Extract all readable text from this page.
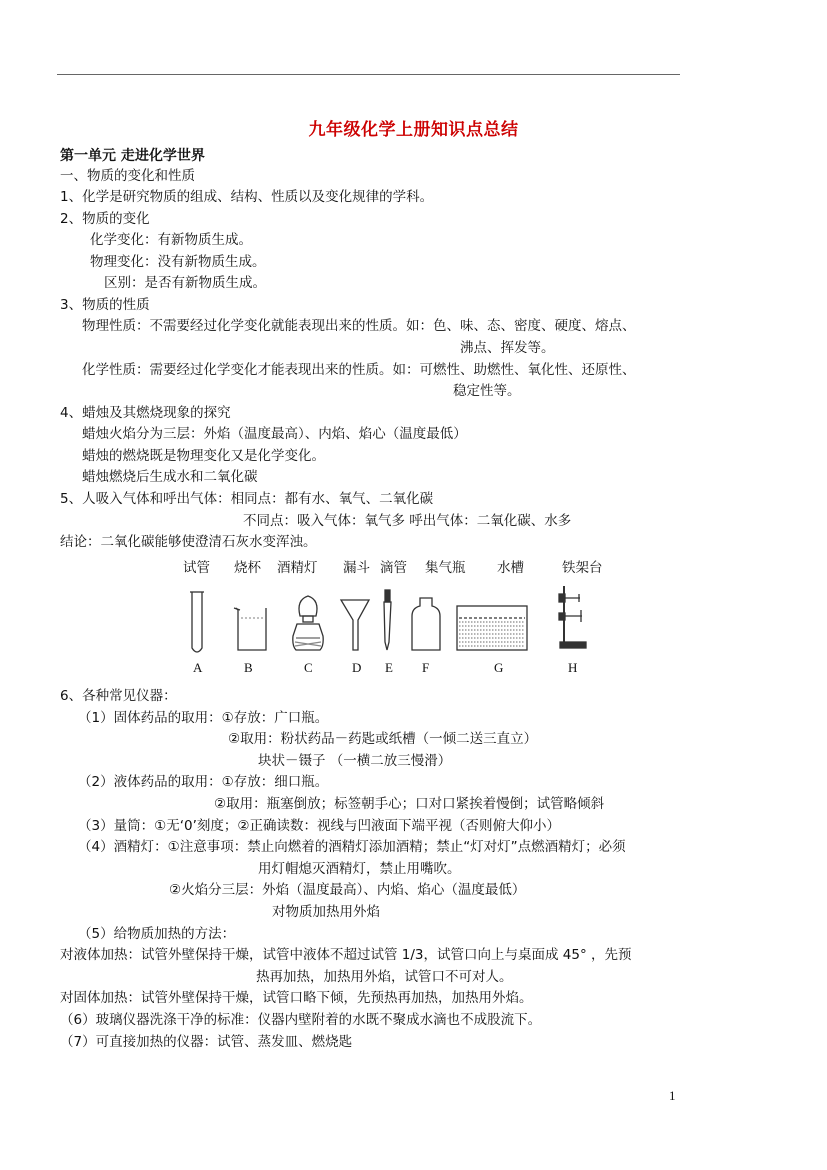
九年级化学上册知识点总结
第一单元 走进化学世界
一、物质的变化和性质
1、化学是研究物质的组成、结构、性质以及变化规律的学科。
2、物质的变化
化学变化：有新物质生成。
物理变化：没有新物质生成。
区别：是否有新物质生成。
3、物质的性质
物理性质：不需要经过化学变化就能表现出来的性质。如：色、味、态、密度、硬度、熔点、
沸点、挥发等。
化学性质：需要经过化学变化才能表现出来的性质。如：可燃性、助燃性、氧化性、还原性、
稳定性等。
4、蜡烛及其燃烧现象的探究
蜡烛火焰分为三层：外焰（温度最高）、内焰、焰心（温度最低）
蜡烛的燃烧既是物理变化又是化学变化。
蜡烛燃烧后生成水和二氧化碳
5、人吸入气体和呼出气体：相同点：都有水、氧气、二氧化碳
不同点：吸入气体：氧气多 呼出气体：二氧化碳、水多
结论：二氧化碳能够使澄清石灰水变浑浊。
试管 烧杯 酒精灯 漏斗 滴管 集气瓶 水槽	铁架台
A	B	C	D E F	G	H
6、各种常见仪器：
（1）固体药品的取用：①存放：广口瓶。
②取用：粉状药品－药匙或纸槽（一倾二送三直立）
块状－镊子 （一横二放三慢滑）
（2）液体药品的取用：①存放：细口瓶。
②取用：瓶塞倒放；标签朝手心；口对口紧挨着慢倒；试管略倾斜
（3）量筒：①无‘0’刻度；②正确读数：视线与凹液面下端平视（否则俯大仰小）
（4）酒精灯：①注意事项：禁止向燃着的酒精灯添加酒精；禁止“灯对灯”点燃酒精灯；必须
用灯帽熄灭酒精灯，禁止用嘴吹。
②火焰分三层：外焰（温度最高）、内焰、焰心（温度最低）
对物质加热用外焰
（5）给物质加热的方法：
对液体加热：试管外壁保持干燥，试管中液体不超过试管 1/3，试管口向上与桌面成 45° ，先预
热再加热，加热用外焰，试管口不可对人。
对固体加热：试管外壁保持干燥，试管口略下倾，先预热再加热，加热用外焰。
（6）玻璃仪器洗涤干净的标准：仪器内壁附着的水既不聚成水滴也不成股流下。
（7）可直接加热的仪器：试管、蒸发皿、燃烧匙
1
